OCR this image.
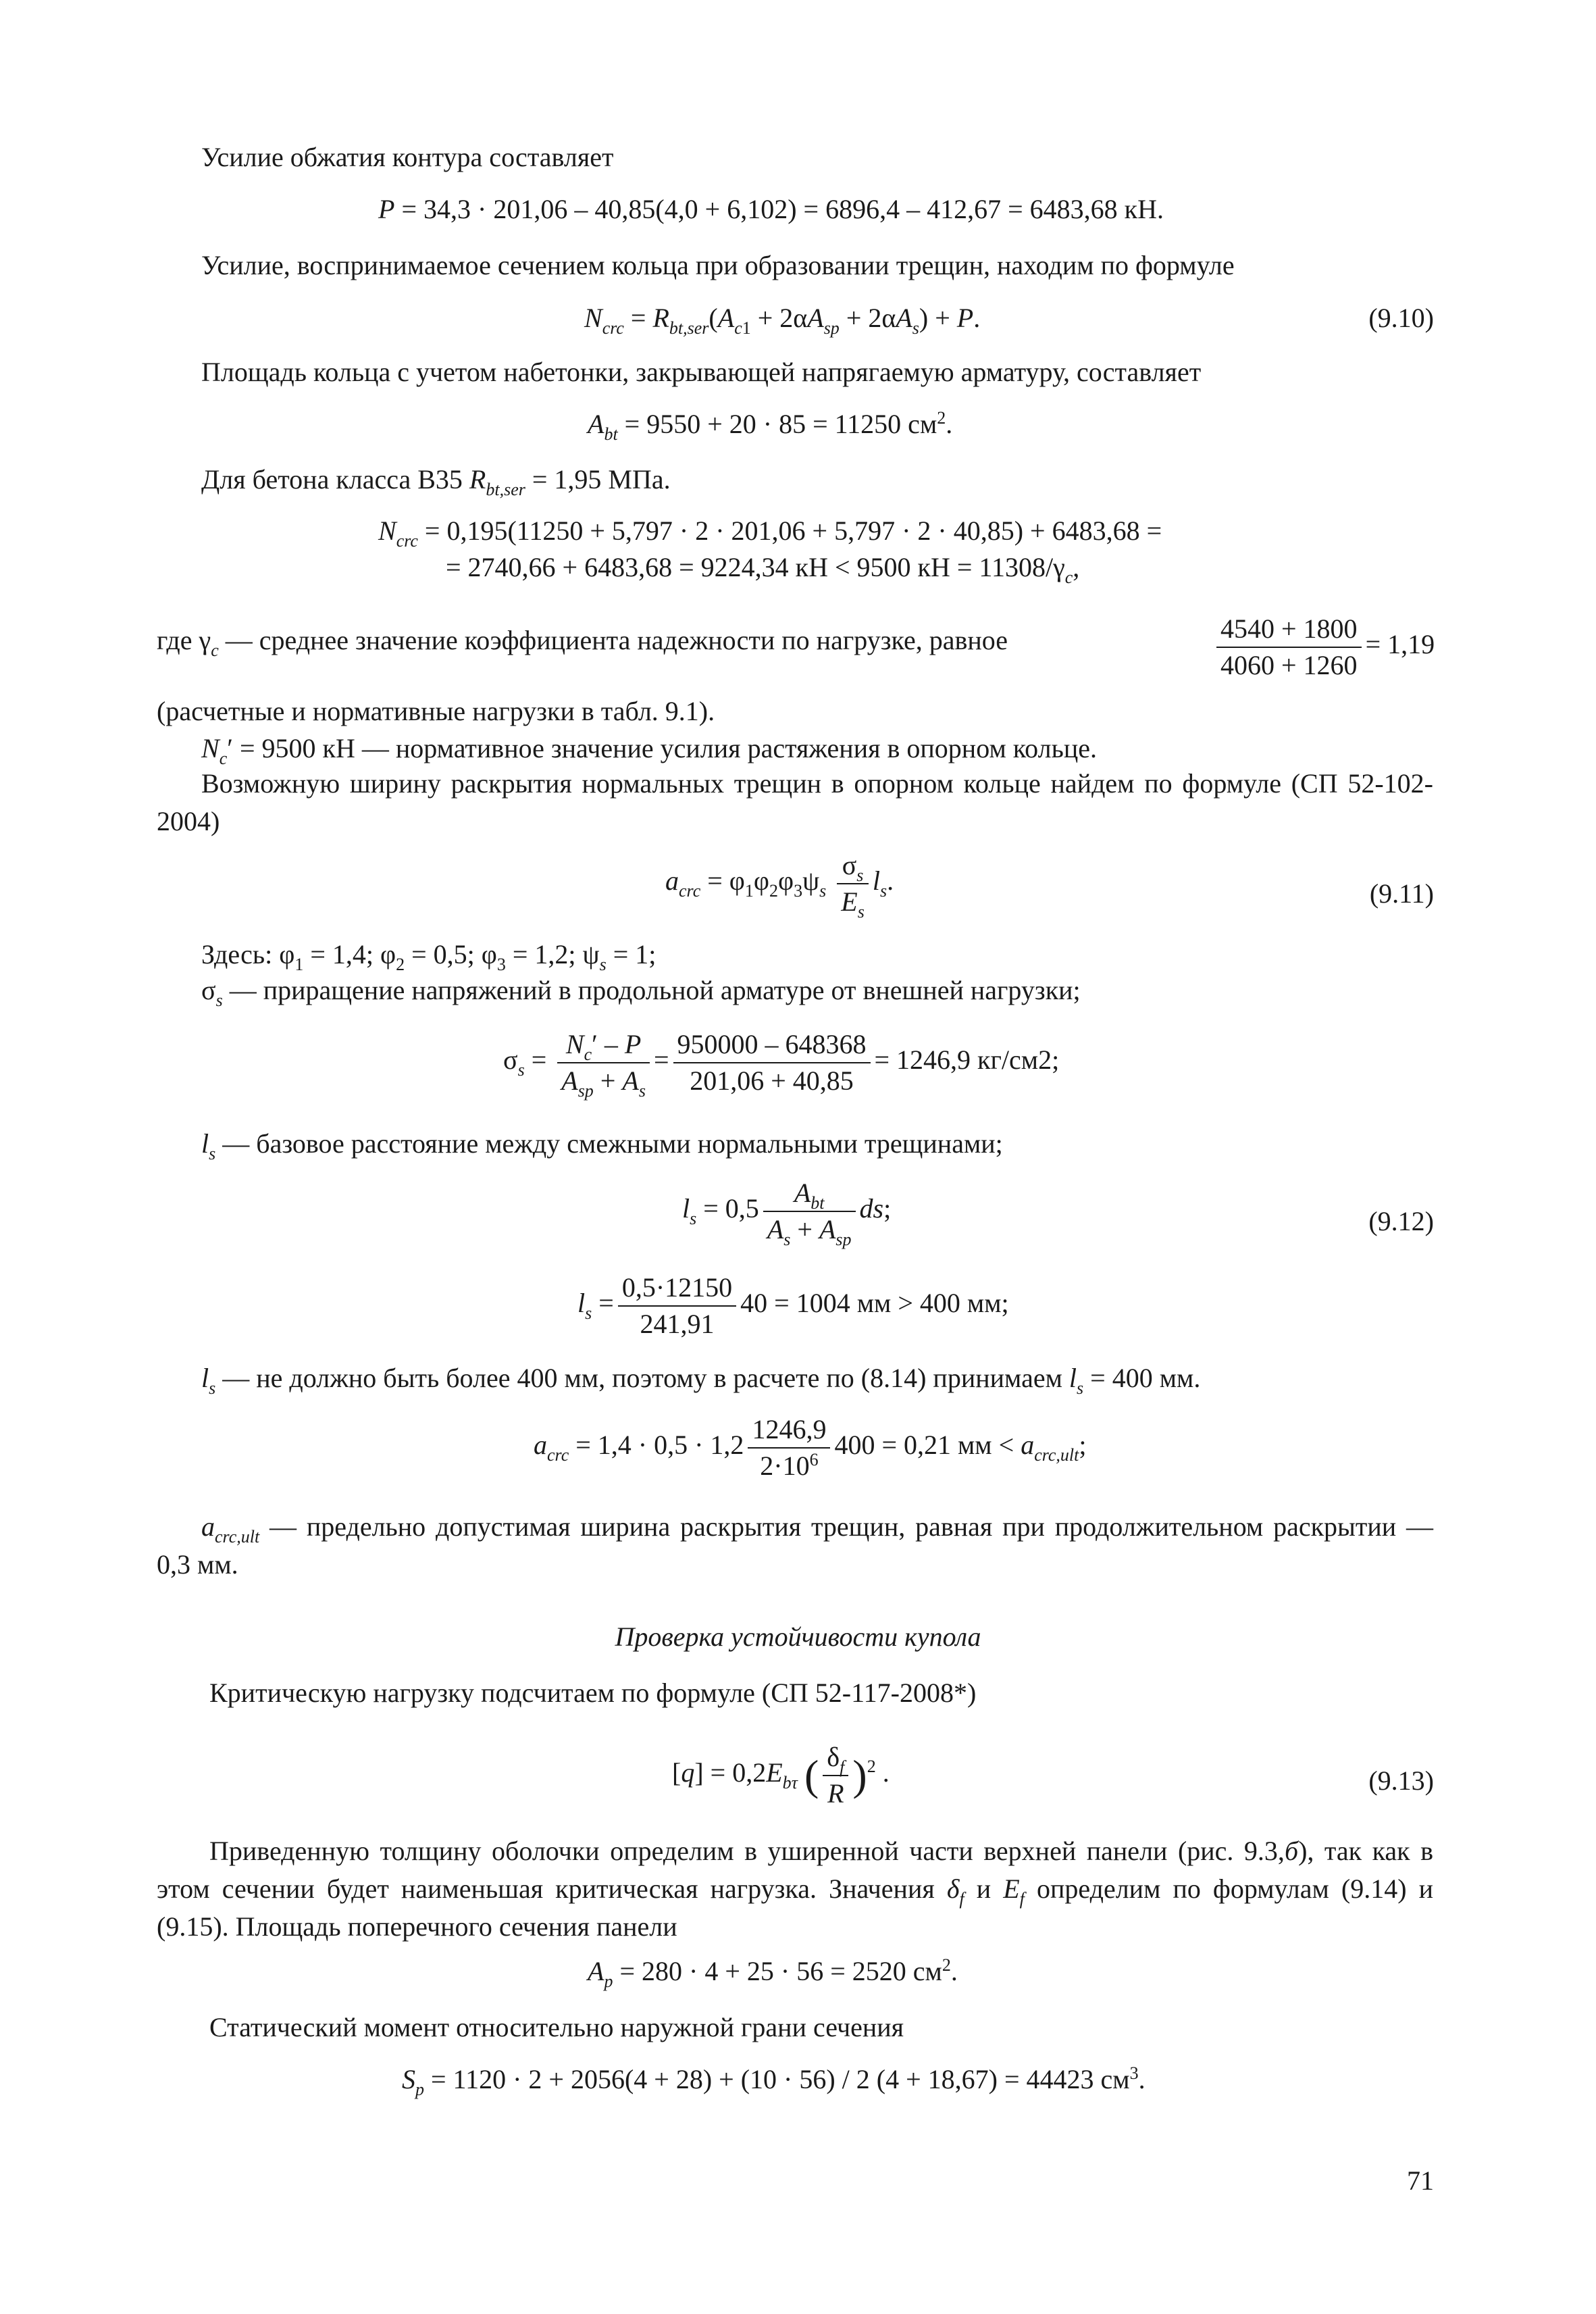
Усилие обжатия контура составляет
P = 34,3 · 201,06 – 40,85(4,0 + 6,102) = 6896,4 – 412,67 = 6483,68 кН.
Усилие, воспринимаемое сечением кольца при образовании трещин, находим по формуле
$N_{crc} = R_{bt,ser}(A_{c1} + 2\alpha A_{sp} + 2\alpha A_s) + P$.	(9.10)
Площадь кольца с учетом набетонки, закрывающей напрягаемую арматуру, составляет
$A_{bt} = 9550 + 20 \cdot 85 = 11250$ $см^2$.
Для бетона класса В35 $R_{bt,ser} = 1,95$ МПа.
$N_{crc} = 0,195(11250 + 5,797 \cdot 2 \cdot 201,06 + 5,797 \cdot 2 \cdot 40,85) + 6483,68$ =
= 2740,66 + 6483,68 = 9224,34 кН < 9500 кН = $11308/\gamma_c$,
где $\gamma_c$ — среднее значение коэффициента надежности по нагрузке, равное	$\frac{4540 + 1800}{4060 + 1260} = 1,19$
(расчетные и нормативные нагрузки в табл. 9.1).
$N_c' = 9500$ кН — нормативное значение усилия растяжения в опорном кольце.
Возможную ширину раскрытия нормальных трещин в опорном кольце найдем по формуле (СП 52-102-2004)
$a_{crc} = \varphi_1\varphi_2\varphi_3\psi_s \frac{\sigma_s}{E_s} l_s$.	(9.11)
Здесь: $\varphi_1 = 1,4$; $\varphi_2 = 0,5$; $\varphi_3 = 1,2$; $\psi_s = 1$;
$\sigma_s$ — приращение напряжений в продольной арматуре от внешней нагрузки;
$\sigma_s = \frac{N_c' - P}{A_{sp} + A_s} = \frac{950000 - 648368}{201,06 + 40,85} = 1246,9$ кг/см2;
$l_s$ — базовое расстояние между смежными нормальными трещинами;
$l_s = 0,5 \frac{A_{bt}}{A_s + A_{sp}}$ ds;	(9.12)
$l_s = \frac{0,5\cdot 12150}{241,91} 40 = 1004$ мм > 400 мм;
$l_s$ — не должно быть более 400 мм, поэтому в расчете по (8.14) принимаем $l_s = 400$ мм.
$a_{crc} = 1,4 \cdot 0,5 \cdot 1,2 \frac{1246,9}{2\cdot 10^6} 400 = 0,21$ мм < $a_{crc,ult}$;
$a_{crc,ult}$ — предельно допустимая ширина раскрытия трещин, равная при продолжительном раскрытии — 0,3 мм.
Проверка устойчивости купола
Критическую нагрузку подсчитаем по формуле (СП 52-117-2008*)
$[q] = 0,2E_{b\tau}$ ( $\frac{\delta_f}{R} )^2$ .	(9.13)
Приведенную толщину оболочки определим в уширенной части верхней панели (рис. 9.3,б), так как в этом сечении будет наименьшая критическая нагрузка. Значения $\delta_f$ и $E_f$ определим по формулам (9.14) и (9.15). Площадь поперечного сечения панели
$A_p = 280 \cdot 4 + 25 \cdot 56 = 2520$ $см^2$.
Статический момент относительно наружной грани сечения
$S_p = 1120 \cdot 2 + 2056(4 + 28) + (10 \cdot 56) / 2$ (4 + 18,67) = 44423 $см^3$.
71
